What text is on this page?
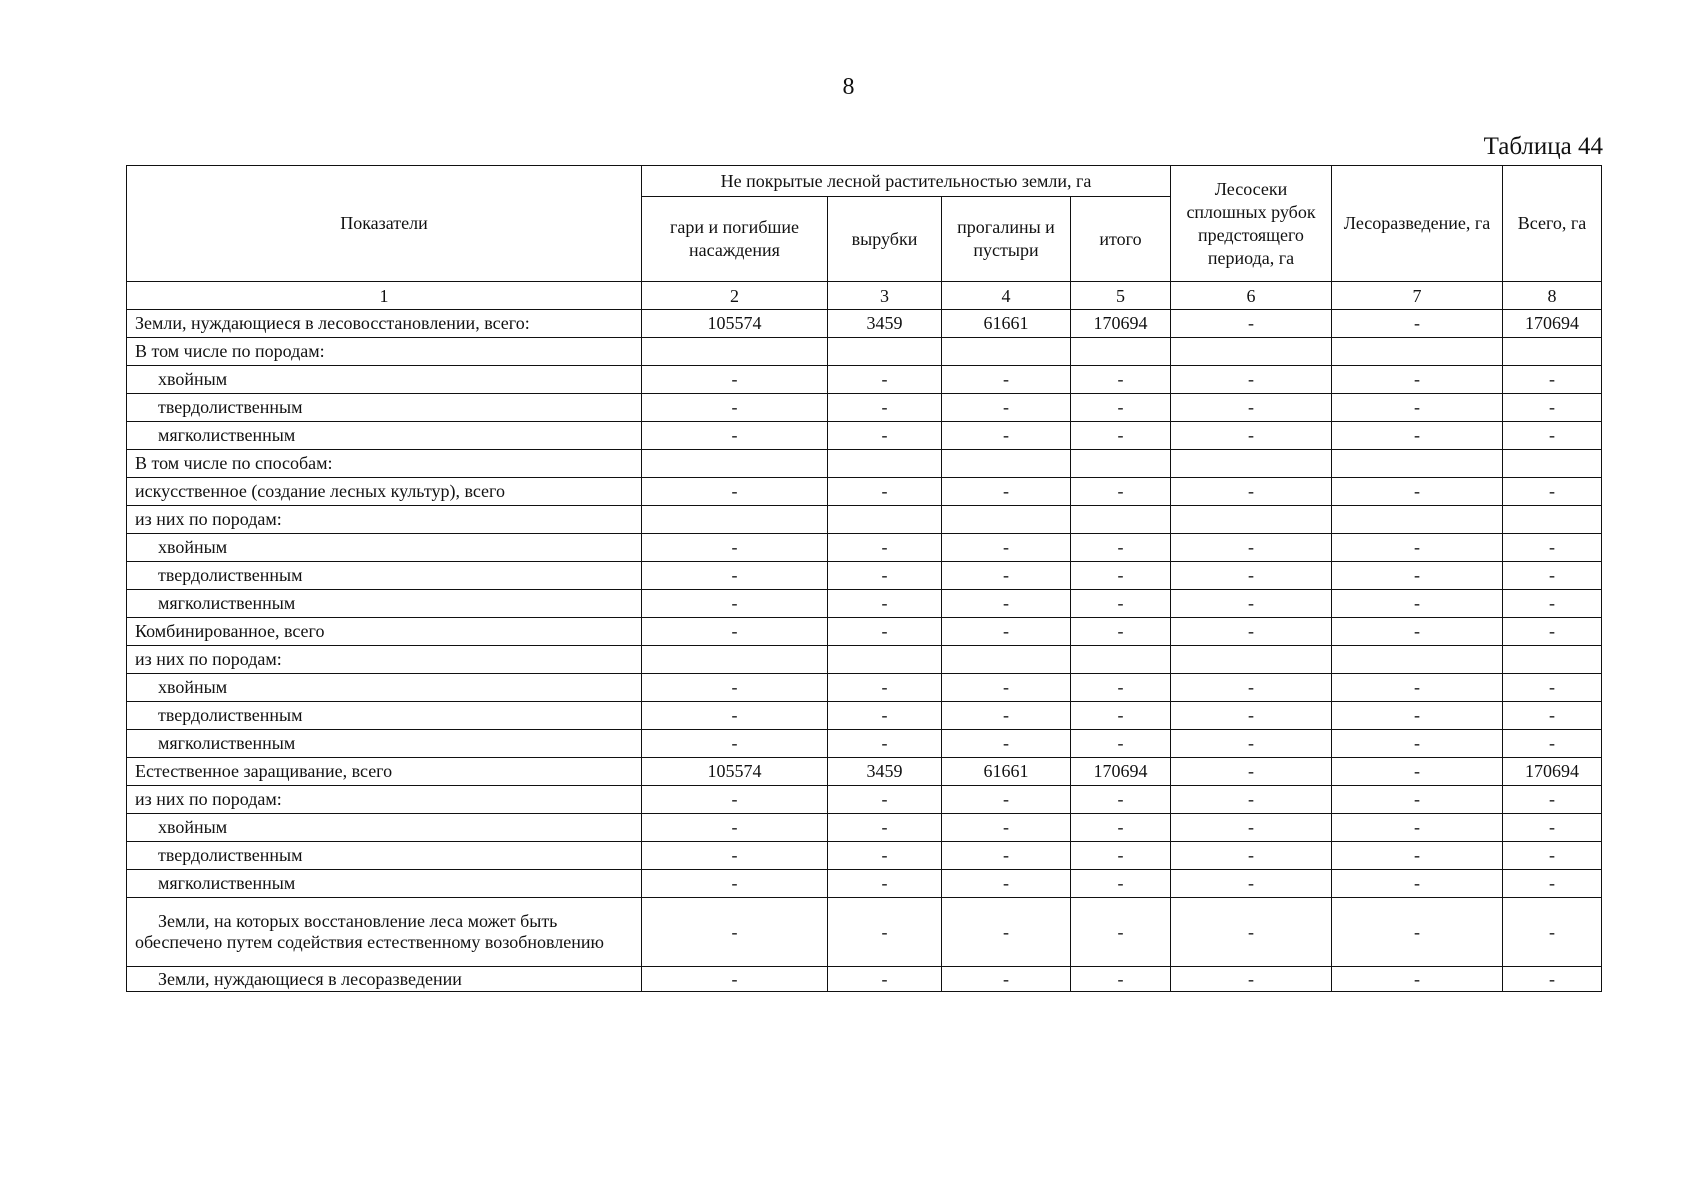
8
Таблица 44
Показатели	Не покрытые лесной растительностью земли, га				Лесосеки сплошных рубок предстоящего периода, га	Лесоразведение, га	Всего, га
	гари и погибшие насаждения	вырубки	прогалины и пустыри	итого			
1	2	3	4	5	6	7	8
Земли, нуждающиеся в лесовосстановлении, всего:	105574	3459	61661	170694	-	-	170694
В том числе по породам:							
хвойным	-	-	-	-	-	-	-
твердолиственным	-	-	-	-	-	-	-
мягколиственным	-	-	-	-	-	-	-
В том числе по способам:							
искусственное (создание лесных культур), всего	-	-	-	-	-	-	-
из них по породам:							
хвойным	-	-	-	-	-	-	-
твердолиственным	-	-	-	-	-	-	-
мягколиственным	-	-	-	-	-	-	-
Комбинированное, всего	-	-	-	-	-	-	-
из них по породам:							
хвойным	-	-	-	-	-	-	-
твердолиственным	-	-	-	-	-	-	-
мягколиственным	-	-	-	-	-	-	-
Естественное заращивание, всего	105574	3459	61661	170694	-	-	170694
из них по породам:	-	-	-	-	-	-	-
хвойным	-	-	-	-	-	-	-
твердолиственным	-	-	-	-	-	-	-
мягколиственным	-	-	-	-	-	-	-
Земли, на которых восстановление леса может быть обеспечено путем содействия естественному возобновлению	-	-	-	-	-	-	-
Земли, нуждающиеся в лесоразведении	-	-	-	-	-	-	-
